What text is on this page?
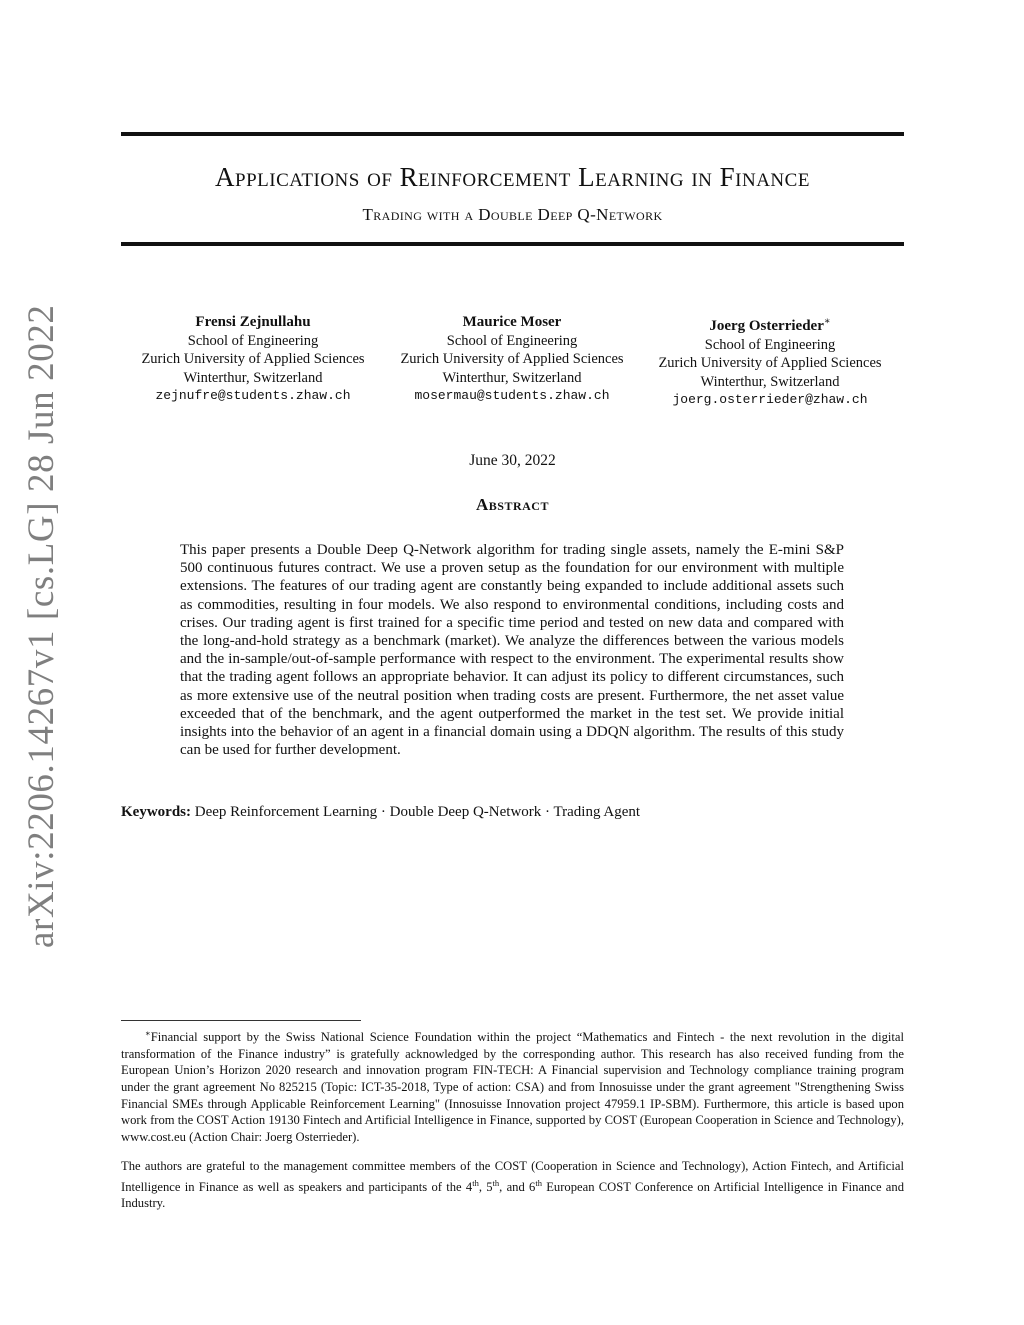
Applications of Reinforcement Learning in Finance
Trading with a Double Deep Q-Network
arXiv:2206.14267v1 [cs.LG] 28 Jun 2022	Frensi Zejnullahu
School of Engineering
Zurich University of Applied Sciences
Winterthur, Switzerland
zejnufre@students.zhaw.ch
Maurice Moser
School of Engineering
Zurich University of Applied Sciences
Winterthur, Switzerland
mosermau@students.zhaw.ch
Joerg Osterrieder∗
School of Engineering
Zurich University of Applied Sciences
Winterthur, Switzerland
joerg.osterrieder@zhaw.ch
June 30, 2022
Abstract

This paper presents a Double Deep Q-Network algorithm for trading single assets, namely the E-mini S&P 500 continuous futures contract. We use a proven setup as the foundation for our environment with multiple extensions. The features of our trading agent are constantly being expanded to include additional assets such as commodities, resulting in four models. We also respond to environmental conditions, including costs and crises. Our trading agent is first trained for a specific time period and tested on new data and compared with the long-and-hold strategy as a benchmark (market). We analyze the differences between the various models and the in-sample/out-of-sample performance with respect to the environment. The experimental results show that the trading agent follows an appropriate behavior. It can adjust its policy to different circumstances, such as more extensive use of the neutral position when trading costs are present. Furthermore, the net asset value exceeded that of the benchmark, and the agent outperformed the market in the test set. We provide initial insights into the behavior of an agent in a financial domain using a DDQN algorithm. The results of this study can be used for further development.

Keywords: Deep Reinforcement Learning · Double Deep Q-Network · Trading Agent

∗Financial support by the Swiss National Science Foundation within the project “Mathematics and Fintech - the next revolution in the digital transformation of the Finance industry” is gratefully acknowledged by the corresponding author. This research has also received funding from the European Union’s Horizon 2020 research and innovation program FIN-TECH: A Financial supervision and Technology compliance training program under the grant agreement No 825215 (Topic: ICT-35-2018, Type of action: CSA) and from Innosuisse under the grant agreement "Strengthening Swiss Financial SMEs through Applicable Reinforcement Learning" (Innosuisse Innovation project 47959.1 IP-SBM). Furthermore, this article is based upon work from the COST Action 19130 Fintech and Artificial Intelligence in Finance, supported by COST (European Cooperation in Science and Technology), www.cost.eu (Action Chair: Joerg Osterrieder).

The authors are grateful to the management committee members of the COST (Cooperation in Science and Technology), Action Fintech, and Artificial Intelligence in Finance as well as speakers and participants of the 4th, 5th, and 6th European COST Conference on Artificial Intelligence in Finance and Industry.
